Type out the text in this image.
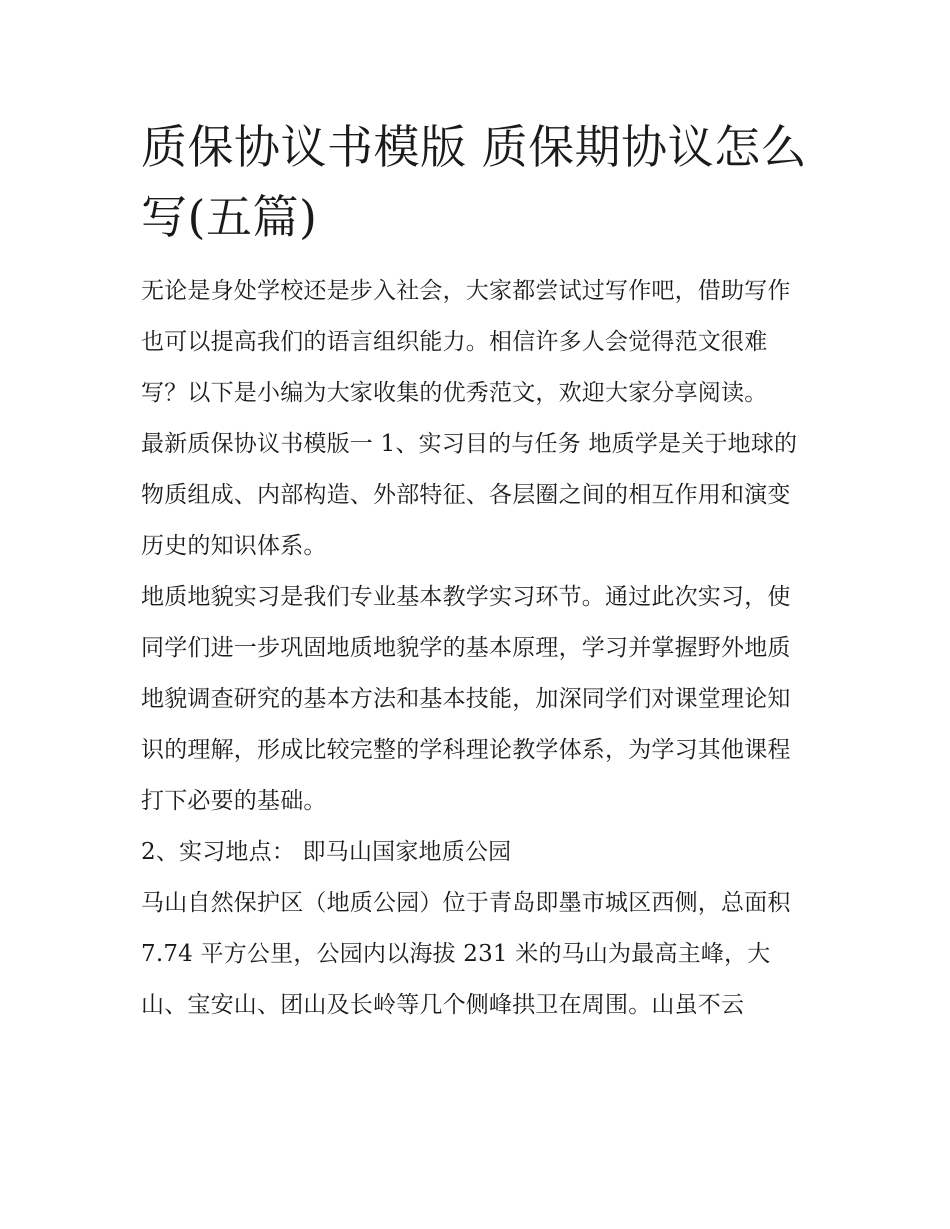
质保协议书模版 质保期协议怎么写(五篇)

无论是身处学校还是步入社会，大家都尝试过写作吧，借助写作也可以提高我们的语言组织能力。相信许多人会觉得范文很难写？以下是小编为大家收集的优秀范文，欢迎大家分享阅读。

最新质保协议书模版一 1、实习目的与任务 地质学是关于地球的物质组成、内部构造、外部特征、各层圈之间的相互作用和演变历史的知识体系。

地质地貌实习是我们专业基本教学实习环节。通过此次实习，使同学们进一步巩固地质地貌学的基本原理，学习并掌握野外地质地貌调查研究的基本方法和基本技能，加深同学们对课堂理论知识的理解，形成比较完整的学科理论教学体系，为学习其他课程打下必要的基础。

2、实习地点： 即马山国家地质公园

马山自然保护区（地质公园）位于青岛即墨市城区西侧，总面积 7.74 平方公里，公园内以海拔 231 米的马山为最高主峰，大山、宝安山、团山及长岭等几个侧峰拱卫在周围。山虽不云
